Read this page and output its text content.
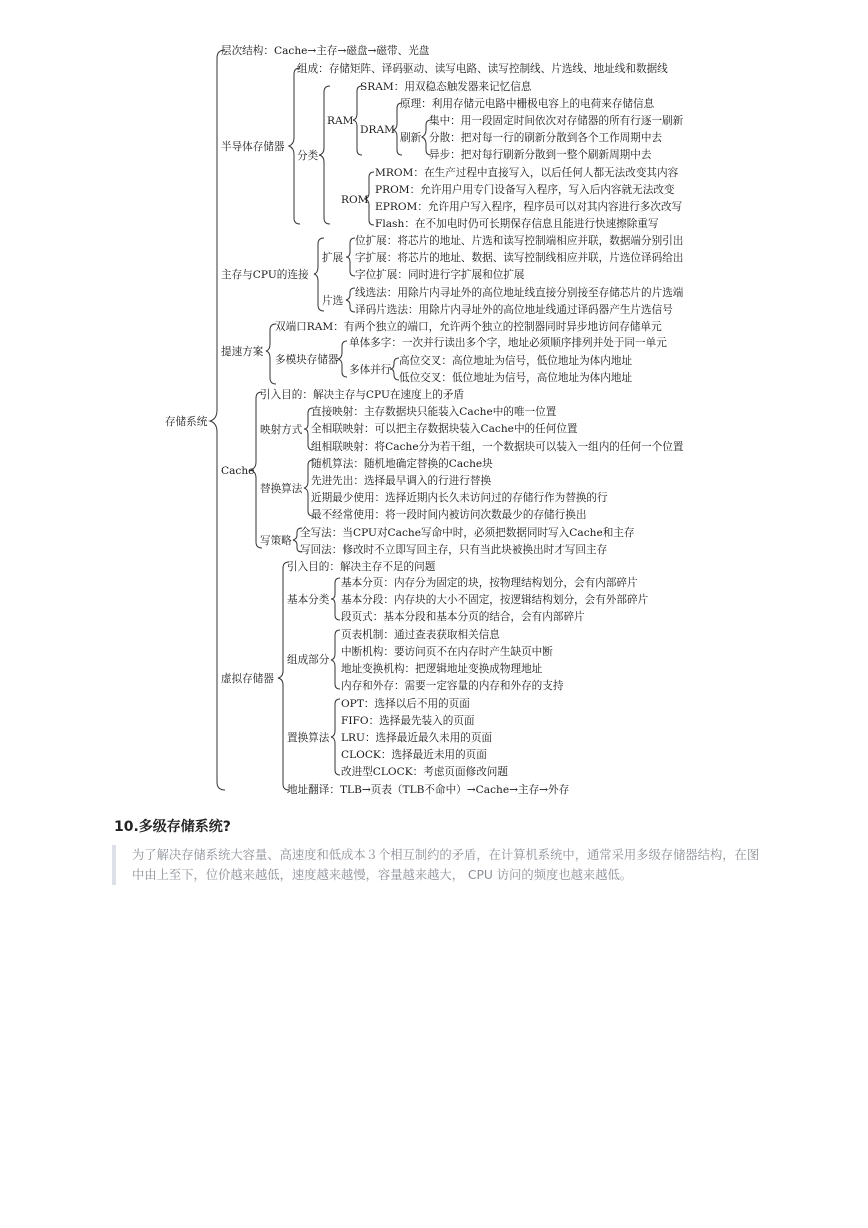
存储系统
层次结构：Cache→主存→磁盘→磁带、光盘
半导体存储器
主存与CPU的连接
提速方案
Cache
虚拟存储器
组成：存储矩阵、译码驱动、读写电路、读写控制线、片选线、地址线和数据线
分类
RAM
SRAM：用双稳态触发器来记忆信息
DRAM
原理：利用存储元电路中栅极电容上的电荷来存储信息
刷新
集中：用一段固定时间依次对存储器的所有行逐一刷新
分散：把对每一行的刷新分散到各个工作周期中去
异步：把对每行刷新分散到一整个刷新周期中去
ROM
MROM：在生产过程中直接写入，以后任何人都无法改变其内容
PROM：允许用户用专门设备写入程序，写入后内容就无法改变
EPROM：允许用户写入程序，程序员可以对其内容进行多次改写
Flash：在不加电时仍可长期保存信息且能进行快速擦除重写
扩展
位扩展：将芯片的地址、片选和读写控制端相应并联，数据端分别引出
字扩展：将芯片的地址、数据、读写控制线相应并联，片选位译码给出
字位扩展：同时进行字扩展和位扩展
片选
线选法：用除片内寻址外的高位地址线直接分别接至存储芯片的片选端
译码片选法：用除片内寻址外的高位地址线通过译码器产生片选信号
双端口RAM：有两个独立的端口，允许两个独立的控制器同时异步地访问存储单元
多模块存储器
单体多字：一次并行读出多个字，地址必须顺序排列并处于同一单元
多体并行
高位交叉：高位地址为信号，低位地址为体内地址
低位交叉：低位地址为信号，高位地址为体内地址
引入目的：解决主存与CPU在速度上的矛盾
映射方式
直接映射：主存数据块只能装入Cache中的唯一位置
全相联映射：可以把主存数据块装入Cache中的任何位置
组相联映射：将Cache分为若干组，一个数据块可以装入一组内的任何一个位置
替换算法
随机算法：随机地确定替换的Cache块
先进先出：选择最早调入的行进行替换
近期最少使用：选择近期内长久未访问过的存储行作为替换的行
最不经常使用：将一段时间内被访问次数最少的存储行换出
写策略
全写法：当CPU对Cache写命中时，必须把数据同时写入Cache和主存
写回法：修改时不立即写回主存，只有当此块被换出时才写回主存
引入目的：解决主存不足的问题
基本分类
基本分页：内存分为固定的块，按物理结构划分，会有内部碎片
基本分段：内存块的大小不固定，按逻辑结构划分，会有外部碎片
段页式：基本分段和基本分页的结合，会有内部碎片
组成部分
页表机制：通过查表获取相关信息
中断机构：要访问页不在内存时产生缺页中断
地址变换机构：把逻辑地址变换成物理地址
内存和外存：需要一定容量的内存和外存的支持
置换算法
OPT：选择以后不用的页面
FIFO：选择最先装入的页面
LRU：选择最近最久未用的页面
CLOCK：选择最近未用的页面
改进型CLOCK：考虑页面修改问题
地址翻译：TLB→页表（TLB不命中）→Cache→主存→外存
10.多级存储系统?

为了解决存储系统大容量、高速度和低成本３个相互制约的矛盾，在计算机系统中，通常采用多级存储器结构，在图中由上至下，位价越来越低，速度越来越慢，容量越来越大， CPU 访问的频度也越来越低。
